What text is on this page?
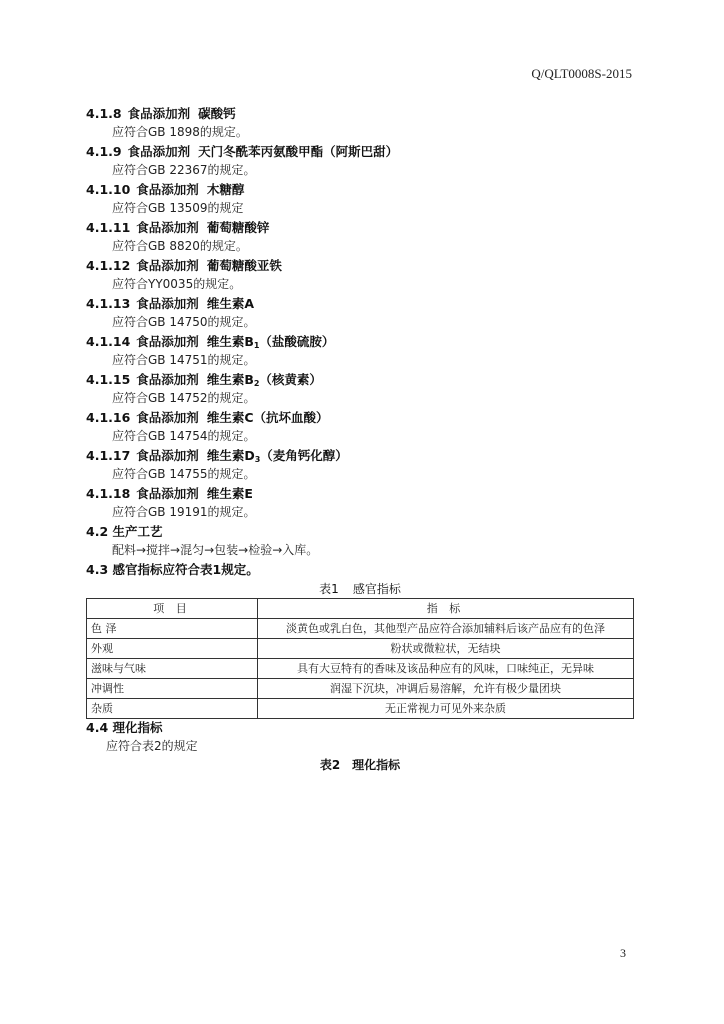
Q/QLT0008S-2015
4.1.8 食品添加剂 碳酸钙
应符合GB 1898的规定。
4.1.9 食品添加剂 天门冬酰苯丙氨酸甲酯（阿斯巴甜）
应符合GB 22367的规定。
4.1.10 食品添加剂 木糖醇
应符合GB 13509的规定
4.1.11 食品添加剂 葡萄糖酸锌
应符合GB 8820的规定。
4.1.12 食品添加剂 葡萄糖酸亚铁
应符合YY0035的规定。
4.1.13 食品添加剂 维生素A
应符合GB 14750的规定。
4.1.14 食品添加剂 维生素$B_1$（盐酸硫胺）
应符合GB 14751的规定。
4.1.15 食品添加剂 维生素$B_2$（核黄素）
应符合GB 14752的规定。
4.1.16 食品添加剂 维生素C（抗坏血酸）
应符合GB 14754的规定。
4.1.17 食品添加剂 维生素$D_3$（麦角钙化醇）
应符合GB 14755的规定。
4.1.18 食品添加剂 维生素E
应符合GB 19191的规定。
4.2 生产工艺
配料→搅拌→混匀→包装→检验→入库。
4.3 感官指标应符合表1规定。
表1 感官指标
项 目	指 标
色 泽	淡黄色或乳白色，其他型产品应符合添加辅料后该产品应有的色泽
外观	粉状或微粒状，无结块
滋味与气味	具有大豆特有的香味及该品种应有的风味，口味纯正，无异味
冲调性	润湿下沉块，冲调后易溶解，允许有极少量团块
杂质	无正常视力可见外来杂质
4.4 理化指标
应符合表2的规定
表2 理化指标
3
